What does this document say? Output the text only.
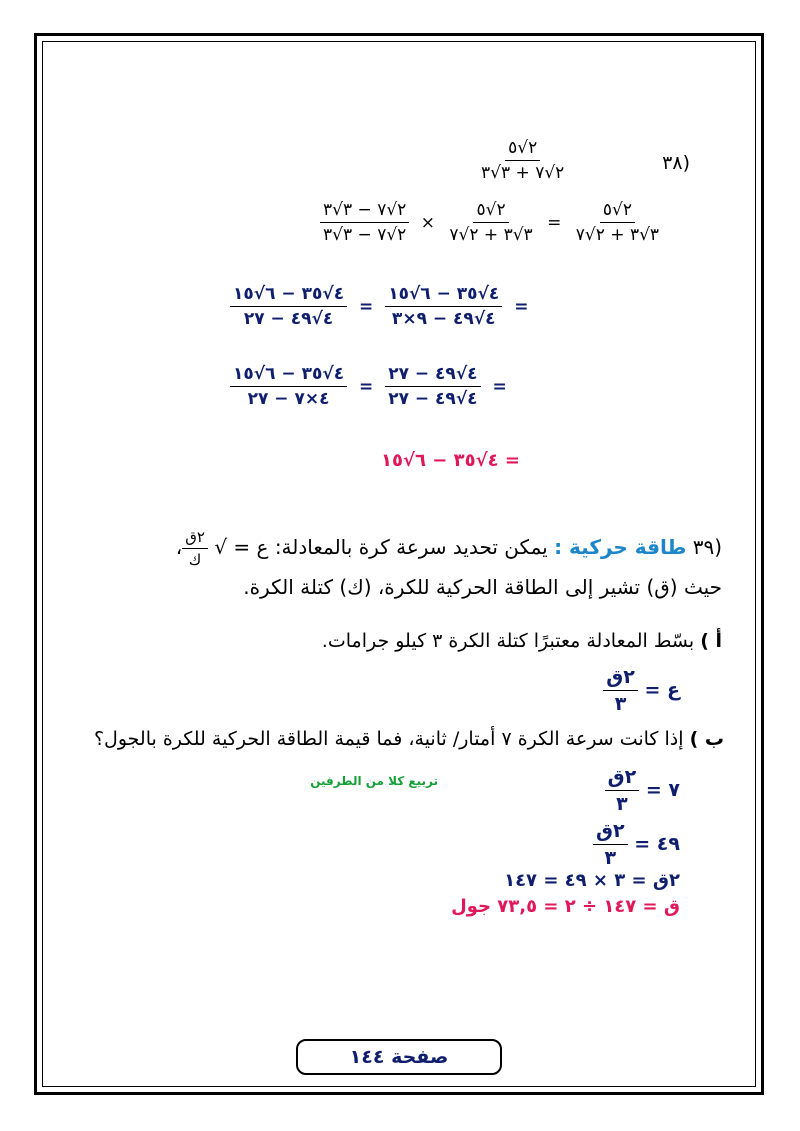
(٣٨
$\frac{٢√٥}{٢√٧ + ٣√٣}$
$\frac{٢√٧ - ٣√٣}{٢√٧ - ٣√٣} \times \frac{٢√٥}{٣√٣ + ٢√٧} = \frac{٢√٥}{٣√٣ + ٢√٧}$
$\frac{٤√٣٥ - ٦√١٥}{٤√٤٩ - ٢٧} = \frac{٤√٣٥ - ٦√١٥}{٤√٤٩ - ٩\times ٣}$ =
$\frac{٤√٣٥ - ٦√١٥}{٤\times ٧ - ٢٧} = \frac{٤√٤٩ - ٢٧}{٤√٤٩ - ٢٧}$ =
= ٤√٣٥ − ٦√١٥
(٣٩ طاقة حركية : يمكن تحديد سرعة كرة بالمعادلة: ع = √
$\frac{\text{٢ق}}{\text{ك}}$
،
حيث (ق) تشير إلى الطاقة الحركية للكرة، (ك) كتلة الكرة.
أ ) بسّط المعادلة معتبرًا كتلة الكرة ٣ كيلو جرامات.
ع =
$\frac{\text{٢ق}}{٣}$
ب ) إذا كانت سرعة الكرة ٧ أمتار/ ثانية، فما قيمة الطاقة الحركية للكرة بالجول؟
٧ =
$\frac{\text{٢ق}}{٣}$
تربيع كلا من الطرفين
٤٩ =
$\frac{\text{٢ق}}{٣}$
٢ق = ٣ × ٤٩ = ١٤٧
ق = ١٤٧ ÷ ٢ = ٧٣,٥ جول
صفحة ١٤٤
